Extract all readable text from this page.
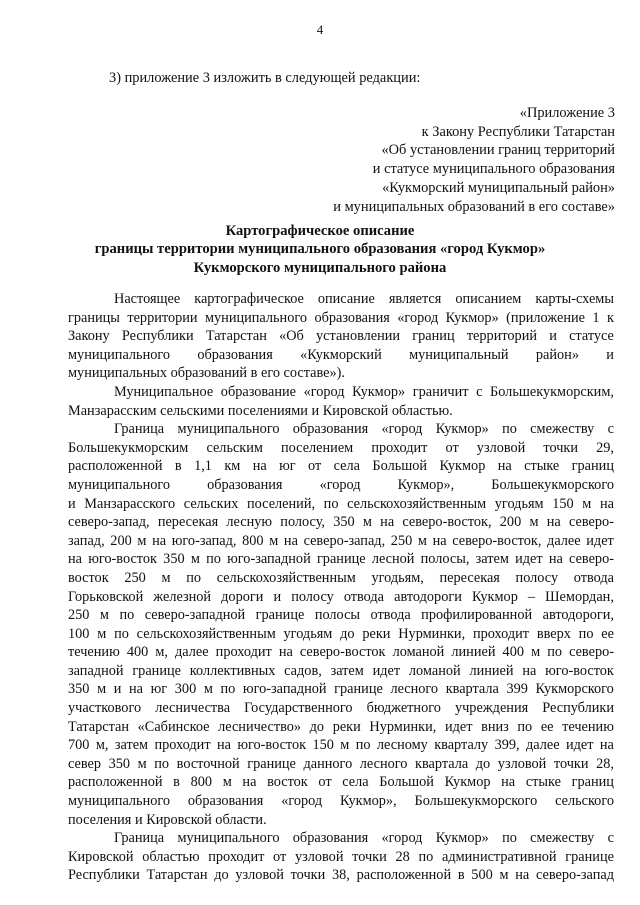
4
3) приложение 3 изложить в следующей редакции:
«Приложение 3
к Закону Республики Татарстан
«Об установлении границ территорий
и статусе муниципального образования
«Кукморский муниципальный район»
и муниципальных образований в его составе»
Картографическое описание
границы территории муниципального образования «город Кукмор»
Кукморского муниципального района
Настоящее картографическое описание является описанием карты-схемы
границы территории муниципального образования «город Кукмор» (приложение 1 к
Закону Республики Татарстан «Об установлении границ территорий и статусе
муниципального образования «Кукморский муниципальный район» и
муниципальных образований в его составе»).
Муниципальное образование «город Кукмор» граничит с Большекукморским,
Манзарасским сельскими поселениями и Кировской областью.
Граница муниципального образования «город Кукмор» по смежеству с
Большекукморским сельским поселением проходит от узловой точки 29,
расположенной в 1,1 км на юг от села Большой Кукмор на стыке границ
муниципального	образования	«город	Кукмор»,	Большекукморского
и Манзарасского сельских поселений, по сельскохозяйственным угодьям 150 м на
северо-запад, пересекая лесную полосу, 350 м на северо-восток, 200 м на северо-
запад, 200 м на юго-запад, 800 м на северо-запад, 250 м на северо-восток, далее идет
на юго-восток 350 м по юго-западной границе лесной полосы, затем идет на северо-
восток 250 м по сельскохозяйственным угодьям, пересекая полосу отвода
Горьковской железной дороги и полосу отвода автодороги Кукмор – Шемордан,
250 м по северо-западной границе полосы отвода профилированной автодороги,
100 м по сельскохозяйственным угодьям до реки Нурминки, проходит вверх по ее
течению 400 м, далее проходит на северо-восток ломаной линией 400 м по северо-
западной границе коллективных садов, затем идет ломаной линией на юго-восток
350 м и на юг 300 м по юго-западной границе лесного квартала 399 Кукморского
участкового лесничества Государственного бюджетного учреждения Республики
Татарстан «Сабинское лесничество» до реки Нурминки, идет вниз по ее течению
700 м, затем проходит на юго-восток 150 м по лесному кварталу 399, далее идет на
север 350 м по восточной границе данного лесного квартала до узловой точки 28,
расположенной в 800 м на восток от села Большой Кукмор на стыке границ
муниципального образования «город Кукмор», Большекукморского сельского
поселения и Кировской области.
Граница муниципального образования «город Кукмор» по смежеству с
Кировской областью проходит от узловой точки 28 по административной границе
Республики Татарстан до узловой точки 38, расположенной в 500 м на северо-запад
